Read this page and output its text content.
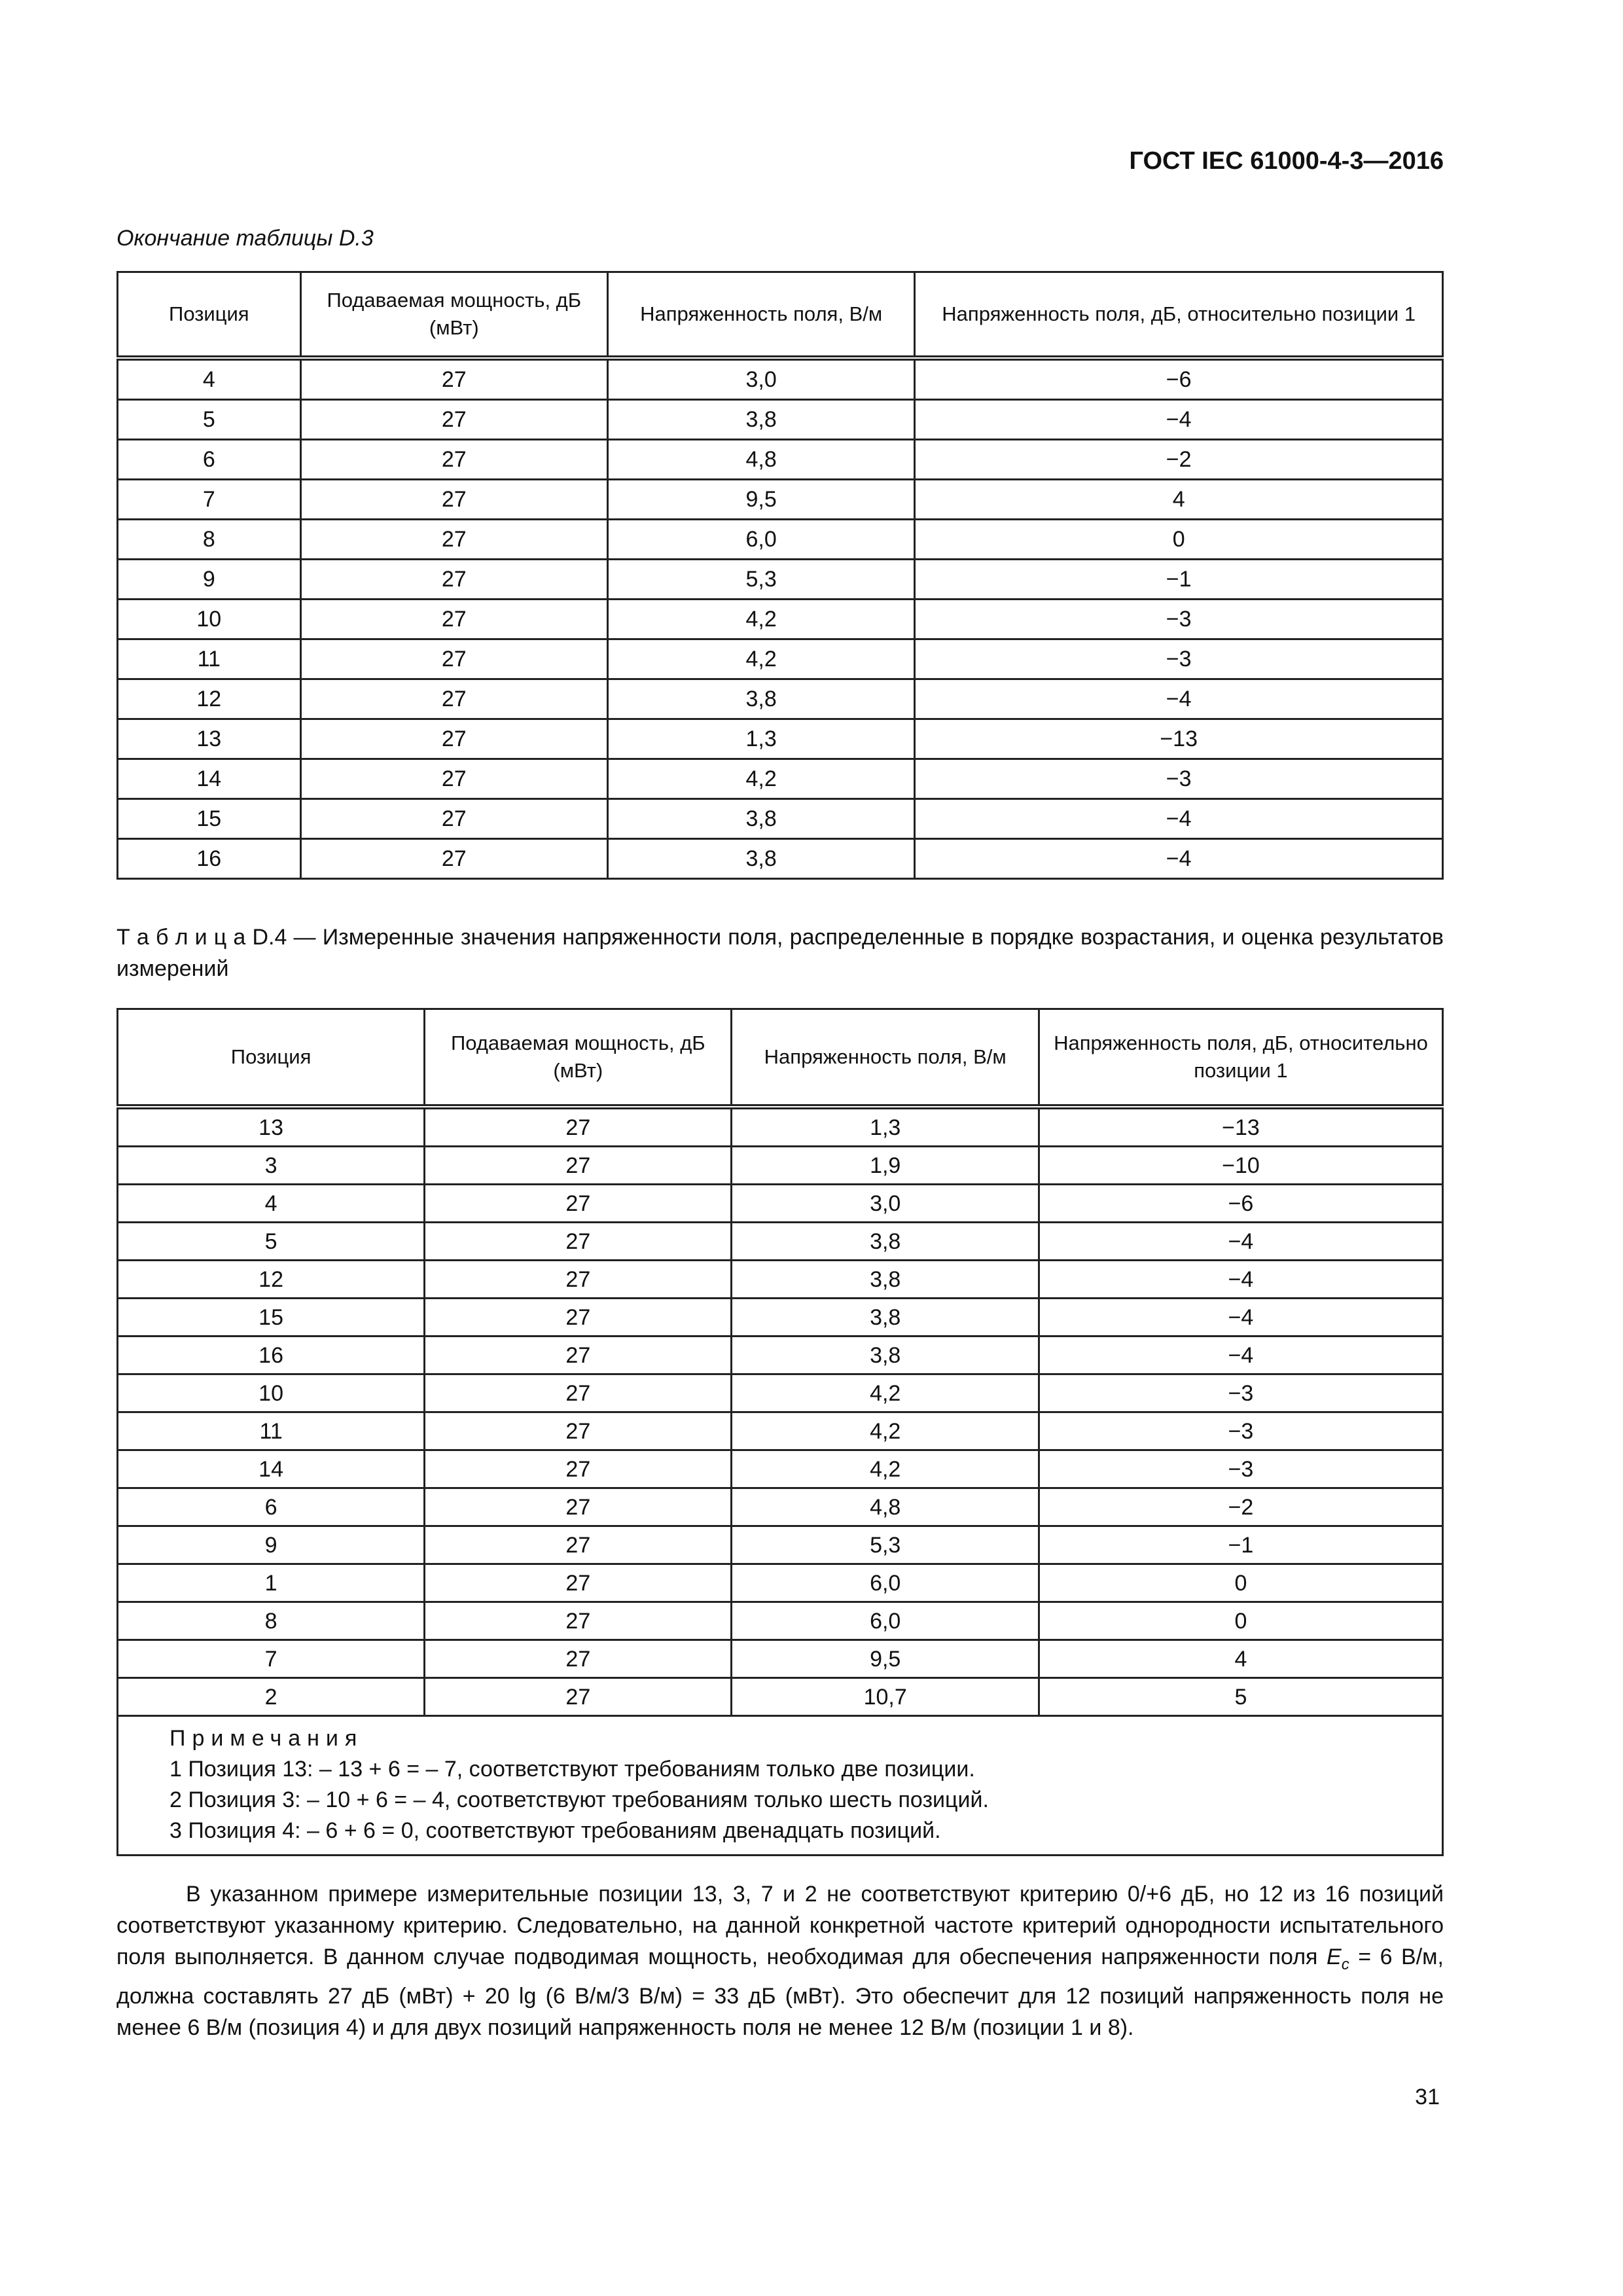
ГОСТ IEC 61000-4-3—2016
Окончание таблицы D.3
Позиция	Подаваемая мощность, дБ (мВт)	Напряженность поля, В/м	Напряженность поля, дБ, относительно позиции 1
4	27	3,0	−6
5	27	3,8	−4
6	27	4,8	−2
7	27	9,5	4
8	27	6,0	0
9	27	5,3	−1
10	27	4,2	−3
11	27	4,2	−3
12	27	3,8	−4
13	27	1,3	−13
14	27	4,2	−3
15	27	3,8	−4
16	27	3,8	−4
Т а б л и ц а D.4 — Измеренные значения напряженности поля, распределенные в порядке возрастания, и оценка результатов измерений
Позиция	Подаваемая мощность, дБ (мВт)	Напряженность поля, В/м	Напряженность поля, дБ, относительно позиции 1
13	27	1,3	−13
3	27	1,9	−10
4	27	3,0	−6
5	27	3,8	−4
12	27	3,8	−4
15	27	3,8	−4
16	27	3,8	−4
10	27	4,2	−3
11	27	4,2	−3
14	27	4,2	−3
6	27	4,8	−2
9	27	5,3	−1
1	27	6,0	0
8	27	6,0	0
7	27	9,5	4
2	27	10,7	5

Примечания
1 Позиция 13: – 13 + 6 = – 7, соответствуют требованиям только две позиции.
2 Позиция 3: – 10 + 6 = – 4, соответствуют требованиям только шесть позиций.
3 Позиция 4: – 6 + 6 = 0, соответствуют требованиям двенадцать позиций.			
В указанном примере измерительные позиции 13, 3, 7 и 2 не соответствуют критерию 0/+6 дБ, но 12 из 16 позиций соответствуют указанному критерию. Следовательно, на данной конкретной частоте критерий однородности испытательного поля выполняется. В данном случае подводимая мощность, необходимая для обеспечения напряженности поля $E_c = 6$ В/м, должна составлять 27 дБ (мВт) + 20 lg (6 В/м/3 В/м) = 33 дБ (мВт). Это обеспечит для 12 позиций напряженность поля не менее 6 В/м (позиция 4) и для двух позиций напряженность поля не менее 12 В/м (позиции 1 и 8).
31
